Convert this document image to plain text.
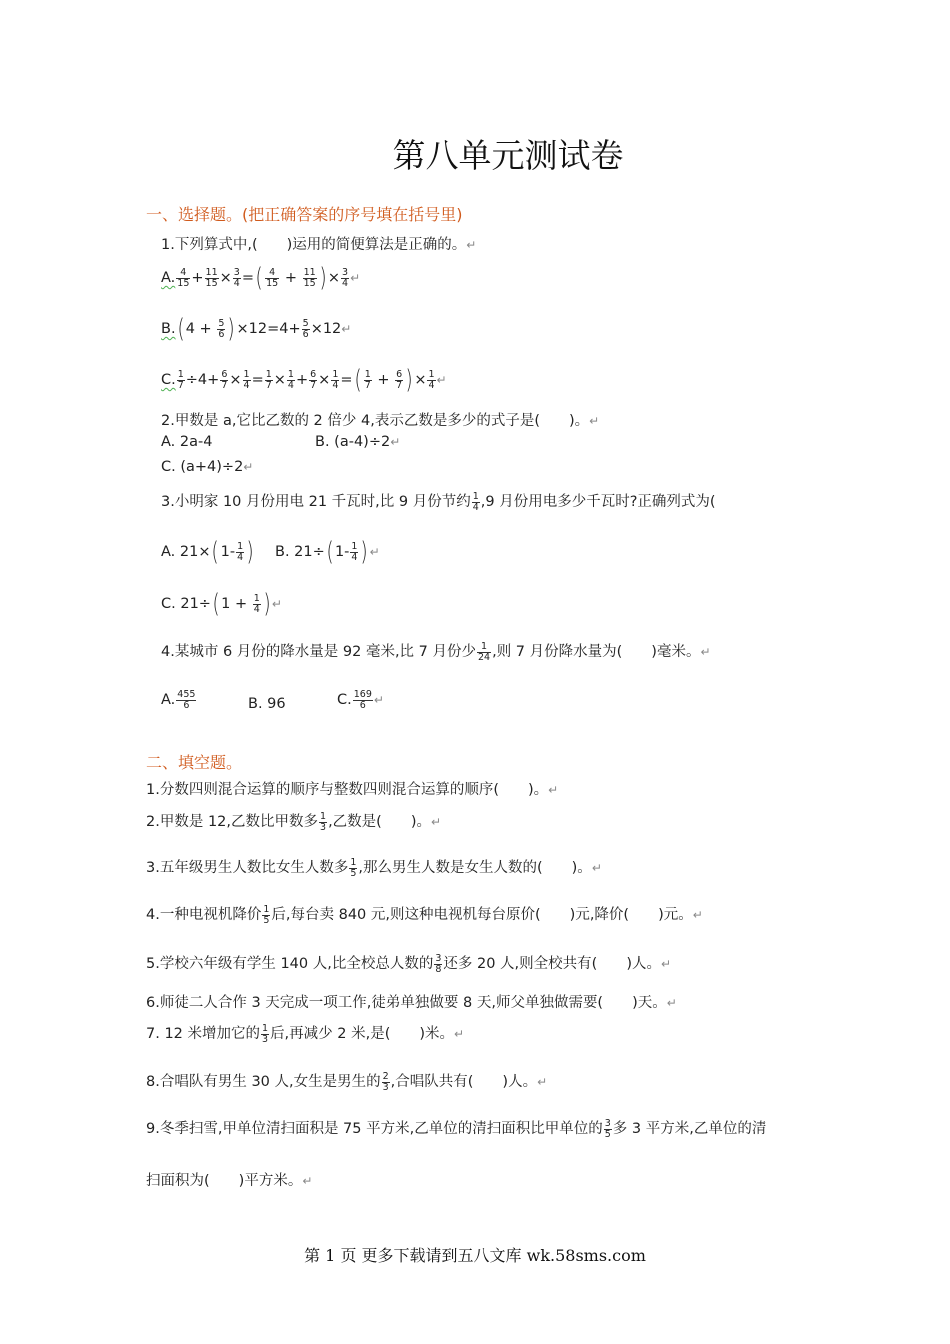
第八单元测试卷
一、选择题。(把正确答案的序号填在括号里)
1.下列算式中,(　　)运用的简便算法是正确的。↵
A. $\frac{4}{15} + \frac{11}{15} \times \frac{3}{4}$ =( $\frac{4}{15} + \frac{11}{15}$ ) × $\frac{3}{4}$ ↵
B.( $4 + \frac{5}{6}$ ) $\times 12=4+ \frac{5}{6}$ ×12↵
C. $\frac{1}{7} \div 4+ \frac{6}{7} \times \frac{1}{4} = \frac{1}{7} \times \frac{1}{4} + \frac{6}{7} \times \frac{1}{4}$ =( $\frac{1}{7} + \frac{6}{7}$ ) × $\frac{1}{4}$ ↵
2.甲数是 a,它比乙数的 2 倍少 4,表示乙数是多少的式子是(　　)。↵
A. 2a-4	B. (a-4)÷2↵
C. (a+4)÷2↵
3.小明家 10 月份用电 21 千瓦时,比 9 月份节约 $\frac{1}{4} ,9$ 月份用电多少千瓦时?正确列式为(
A. 21×( $1- \frac{1}{4}$ ) B. 21÷( $1- \frac{1}{4}$ ) ↵
C. 21÷( $1 + \frac{1}{4}$ ) ↵
4.某城市 6 月份的降水量是 92 毫米,比 7 月份少 $\frac{1}{24}$ ,则 7 月份降水量为(　　)毫米。↵
A. $\frac{455}{6}$	B. 96	C. $\frac{169}{6}$ ↵
二、填空题。
1.分数四则混合运算的顺序与整数四则混合运算的顺序(　　)。↵
2.甲数是 12,乙数比甲数多 $\frac{1}{3}$ ,乙数是(　　)。↵
3.五年级男生人数比女生人数多 $\frac{1}{5}$ ,那么男生人数是女生人数的(　　)。↵
4.一种电视机降价 $\frac{1}{5}$ 后,每台卖 840 元,则这种电视机每台原价(　　)元,降价(　　)元。↵
5.学校六年级有学生 140 人,比全校总人数的 $\frac{3}{8}$ 还多 20 人,则全校共有(　　)人。↵
6.师徒二人合作 3 天完成一项工作,徒弟单独做要 8 天,师父单独做需要(　　)天。↵
7. 12 米增加它的 $\frac{1}{3}$ 后,再减少 2 米,是(　　)米。↵
8.合唱队有男生 30 人,女生是男生的 $\frac{2}{3}$ ,合唱队共有(　　)人。↵
9.冬季扫雪,甲单位清扫面积是 75 平方米,乙单位的清扫面积比甲单位的 $\frac{3}{5}$ 多 3 平方米,乙单位的清
扫面积为(　　)平方米。↵
第 1 页 更多下载请到五八文库 wk.58sms.com
